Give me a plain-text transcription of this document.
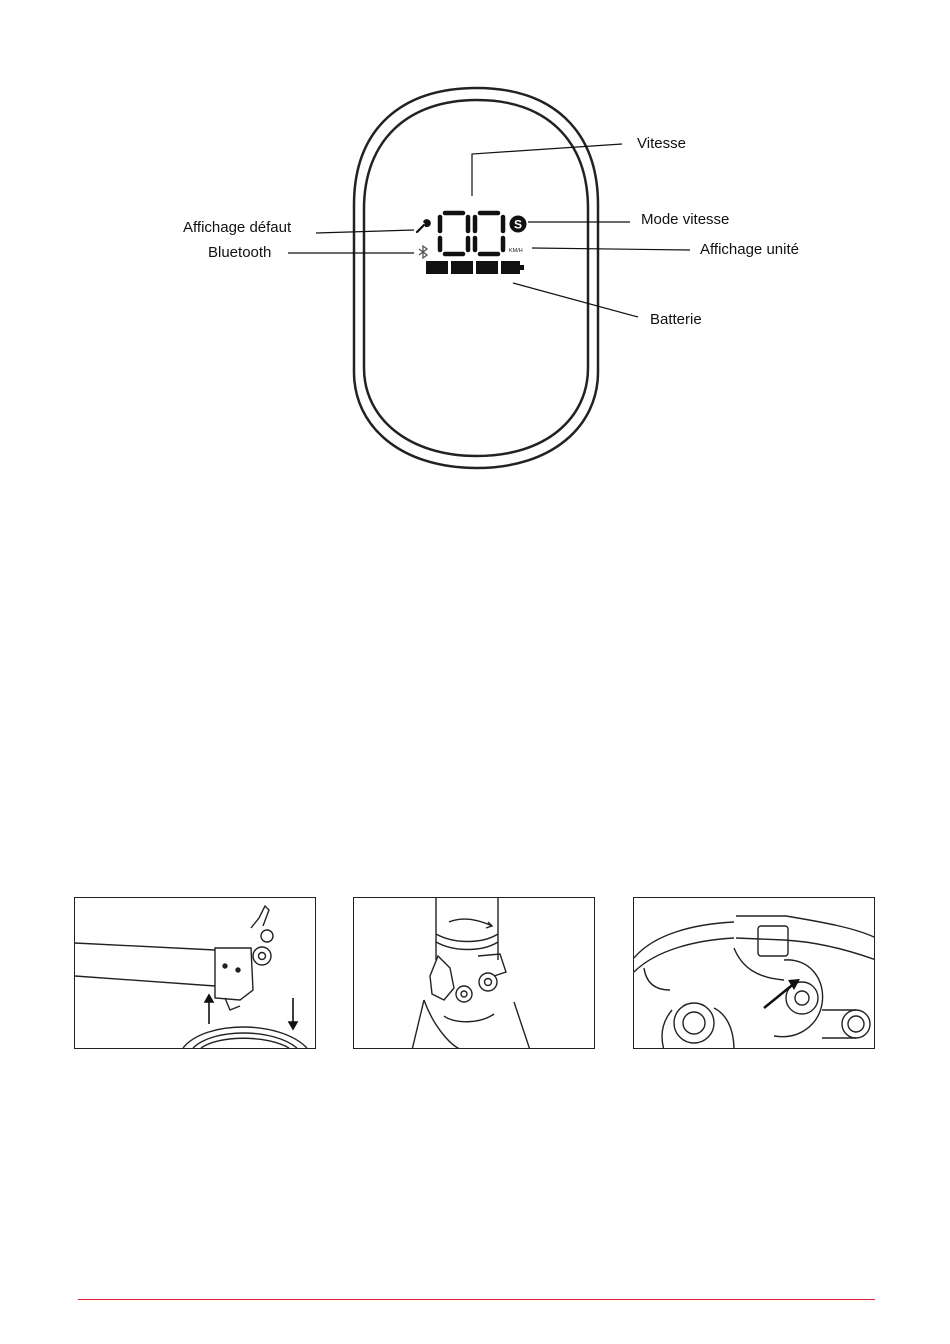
S
KM/H
Vitesse
Affichage défaut	Mode vitesse
Bluetooth	Affichage unité
Batterie
